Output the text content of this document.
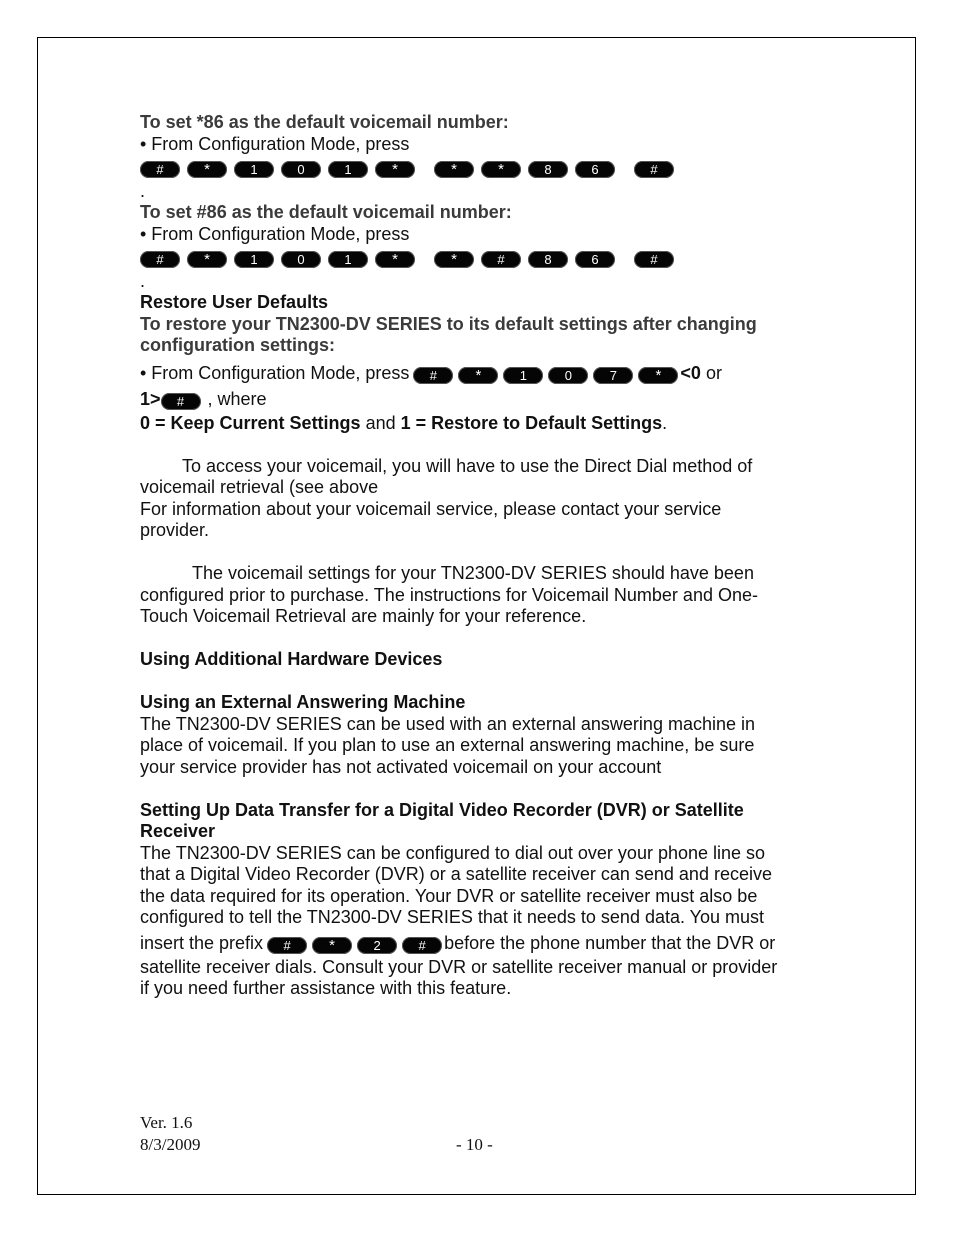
To set *86 as the default voicemail number:
• From Configuration Mode, press
#	*	1	0	1	*	*	*	8	6	#
.
To set #86 as the default voicemail number:
• From Configuration Mode, press
#	*	1	0	1	*	*	#	8	6	#
.
Restore User Defaults
To restore your TN2300-DV SERIES to its default settings after changing
configuration settings:
• From Configuration Mode, press	#	*	1	0	7	*	<0 or
1>	#	, where
0 = Keep Current Settings and 1 = Restore to Default Settings.
To access your voicemail, you will have to use the Direct Dial method of
voicemail retrieval (see above
For information about your voicemail service, please contact your service
provider.
The voicemail settings for your TN2300-DV SERIES should have been
configured prior to purchase. The instructions for Voicemail Number and One-
Touch Voicemail Retrieval are mainly for your reference.
Using Additional Hardware Devices
Using an External Answering Machine
The TN2300-DV SERIES can be used with an external answering machine in
place of voicemail. If you plan to use an external answering machine, be sure
your service provider has not activated voicemail on your account
Setting Up Data Transfer for a Digital Video Recorder (DVR) or Satellite
Receiver
The TN2300-DV SERIES can be configured to dial out over your phone line so
that a Digital Video Recorder (DVR) or a satellite receiver can send and receive
the data required for its operation. Your DVR or satellite receiver must also be
configured to tell the TN2300-DV SERIES that it needs to send data. You must
insert the prefix	#	*	2	#	before the phone number that the DVR or
satellite receiver dials. Consult your DVR or satellite receiver manual or provider
if you need further assistance with this feature.
Ver. 1.6
8/3/2009	- 10 -
